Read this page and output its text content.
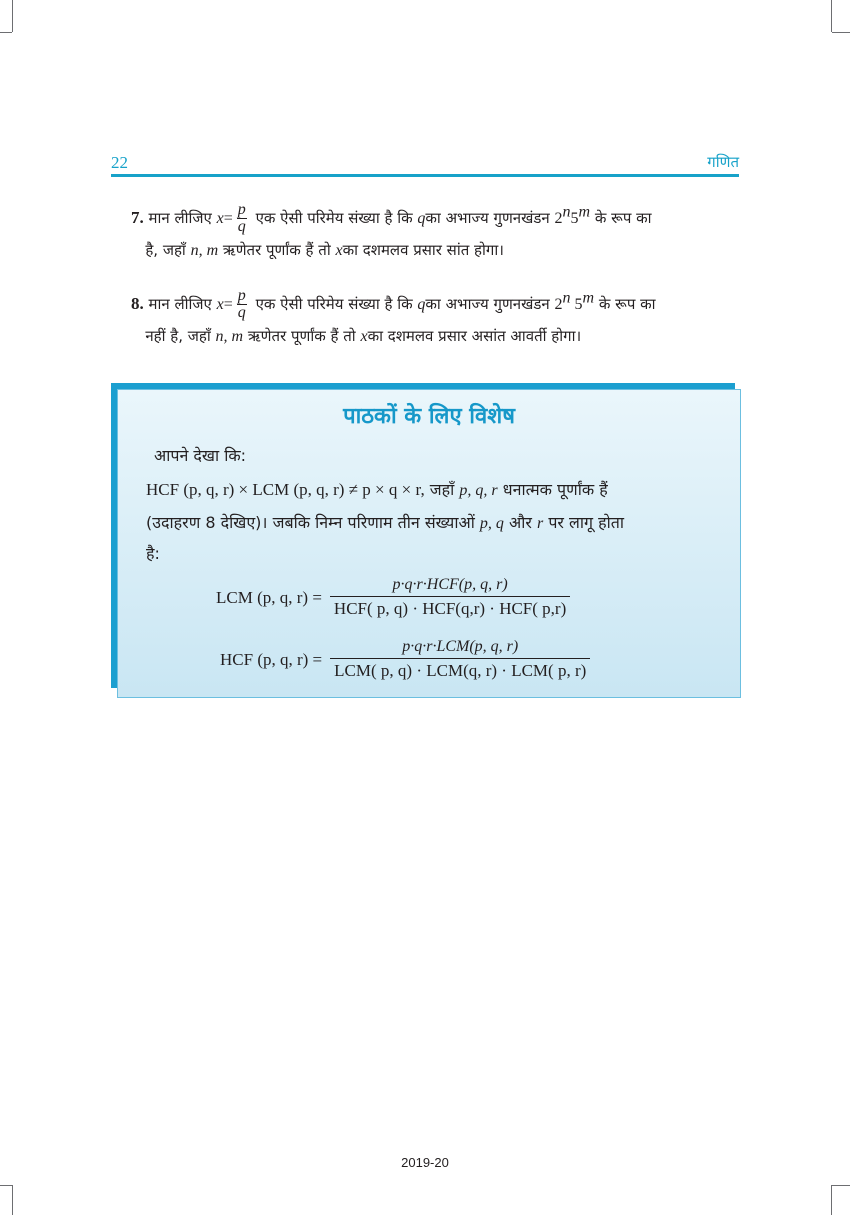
22	गणित
7. मान लीजिए $x= \frac{p}{q}$ एक ऐसी परिमेय संख्या है कि qका अभाज्य गुणनखंडन 2$^n$5$^m$ के रूप का
है, जहाँ n, m ऋणेतर पूर्णांक हैं तो xका दशमलव प्रसार सांत होगा।
8. मान लीजिए $x= \frac{p}{q}$ एक ऐसी परिमेय संख्या है कि qका अभाज्य गुणनखंडन 2$^n$ 5$^m$ के रूप का
नहीं है, जहाँ n, m ऋणेतर पूर्णांक हैं तो xका दशमलव प्रसार असांत आवर्ती होगा।
पाठकों के लिए विशेष
आपने देखा कि:
HCF (p, q, r) × LCM (p, q, r) ≠ p × q × r, जहाँ p, q, r धनात्मक पूर्णांक हैं
(उदाहरण 8 देखिए)। जबकि निम्न परिणाम तीन संख्याओं p, q और r पर लागू होता
है:
LCM (p, q, $r) = \frac{\text{p·q·r·HCF(p, q, r)}}{\text{HCF( p, q) · HCF(q,r) · HCF( p,r)}}$
HCF (p, q, $r) = \frac{\text{p·q·r·LCM(p, q, r)}}{\text{LCM( p, q) · LCM(q, r) · LCM( p, r)}}$
2019-20
